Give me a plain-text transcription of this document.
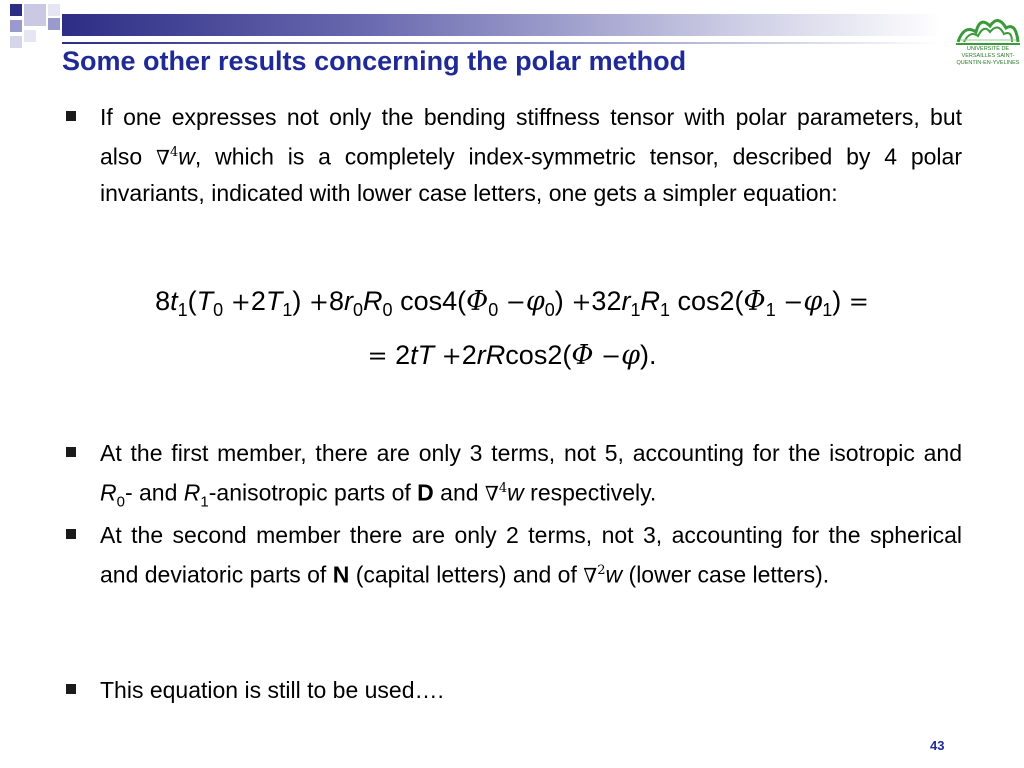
UNIVERSITÉ DE VERSAILLES SAINT-QUENTIN-EN-YVELINES
Some other results concerning the polar method
If one expresses not only the bending stiffness tensor with polar parameters, but also ∇$^4$w, which is a completely index-symmetric tensor, described by 4 polar invariants, indicated with lower case letters, one gets a simpler equation:
At the first member, there are only 3 terms, not 5, accounting for the isotropic and $R_0-$ and $R_1$-anisotropic parts of D and ∇$^4$w respectively.
At the second member there are only 2 terms, not 3, accounting for the spherical and deviatoric parts of N (capital letters) and of ∇$^2$w (lower case letters).
This equation is still to be used….
$8t_1(T_0 +2T_1) +8r_0R_0$ $\cos 4(\Phi_0 -\varphi_0) +32r_1R_1$ $\cos 2(\Phi_1 -\varphi_1)$ =
= 2tT +2rRcos2(Φ −φ).
43
